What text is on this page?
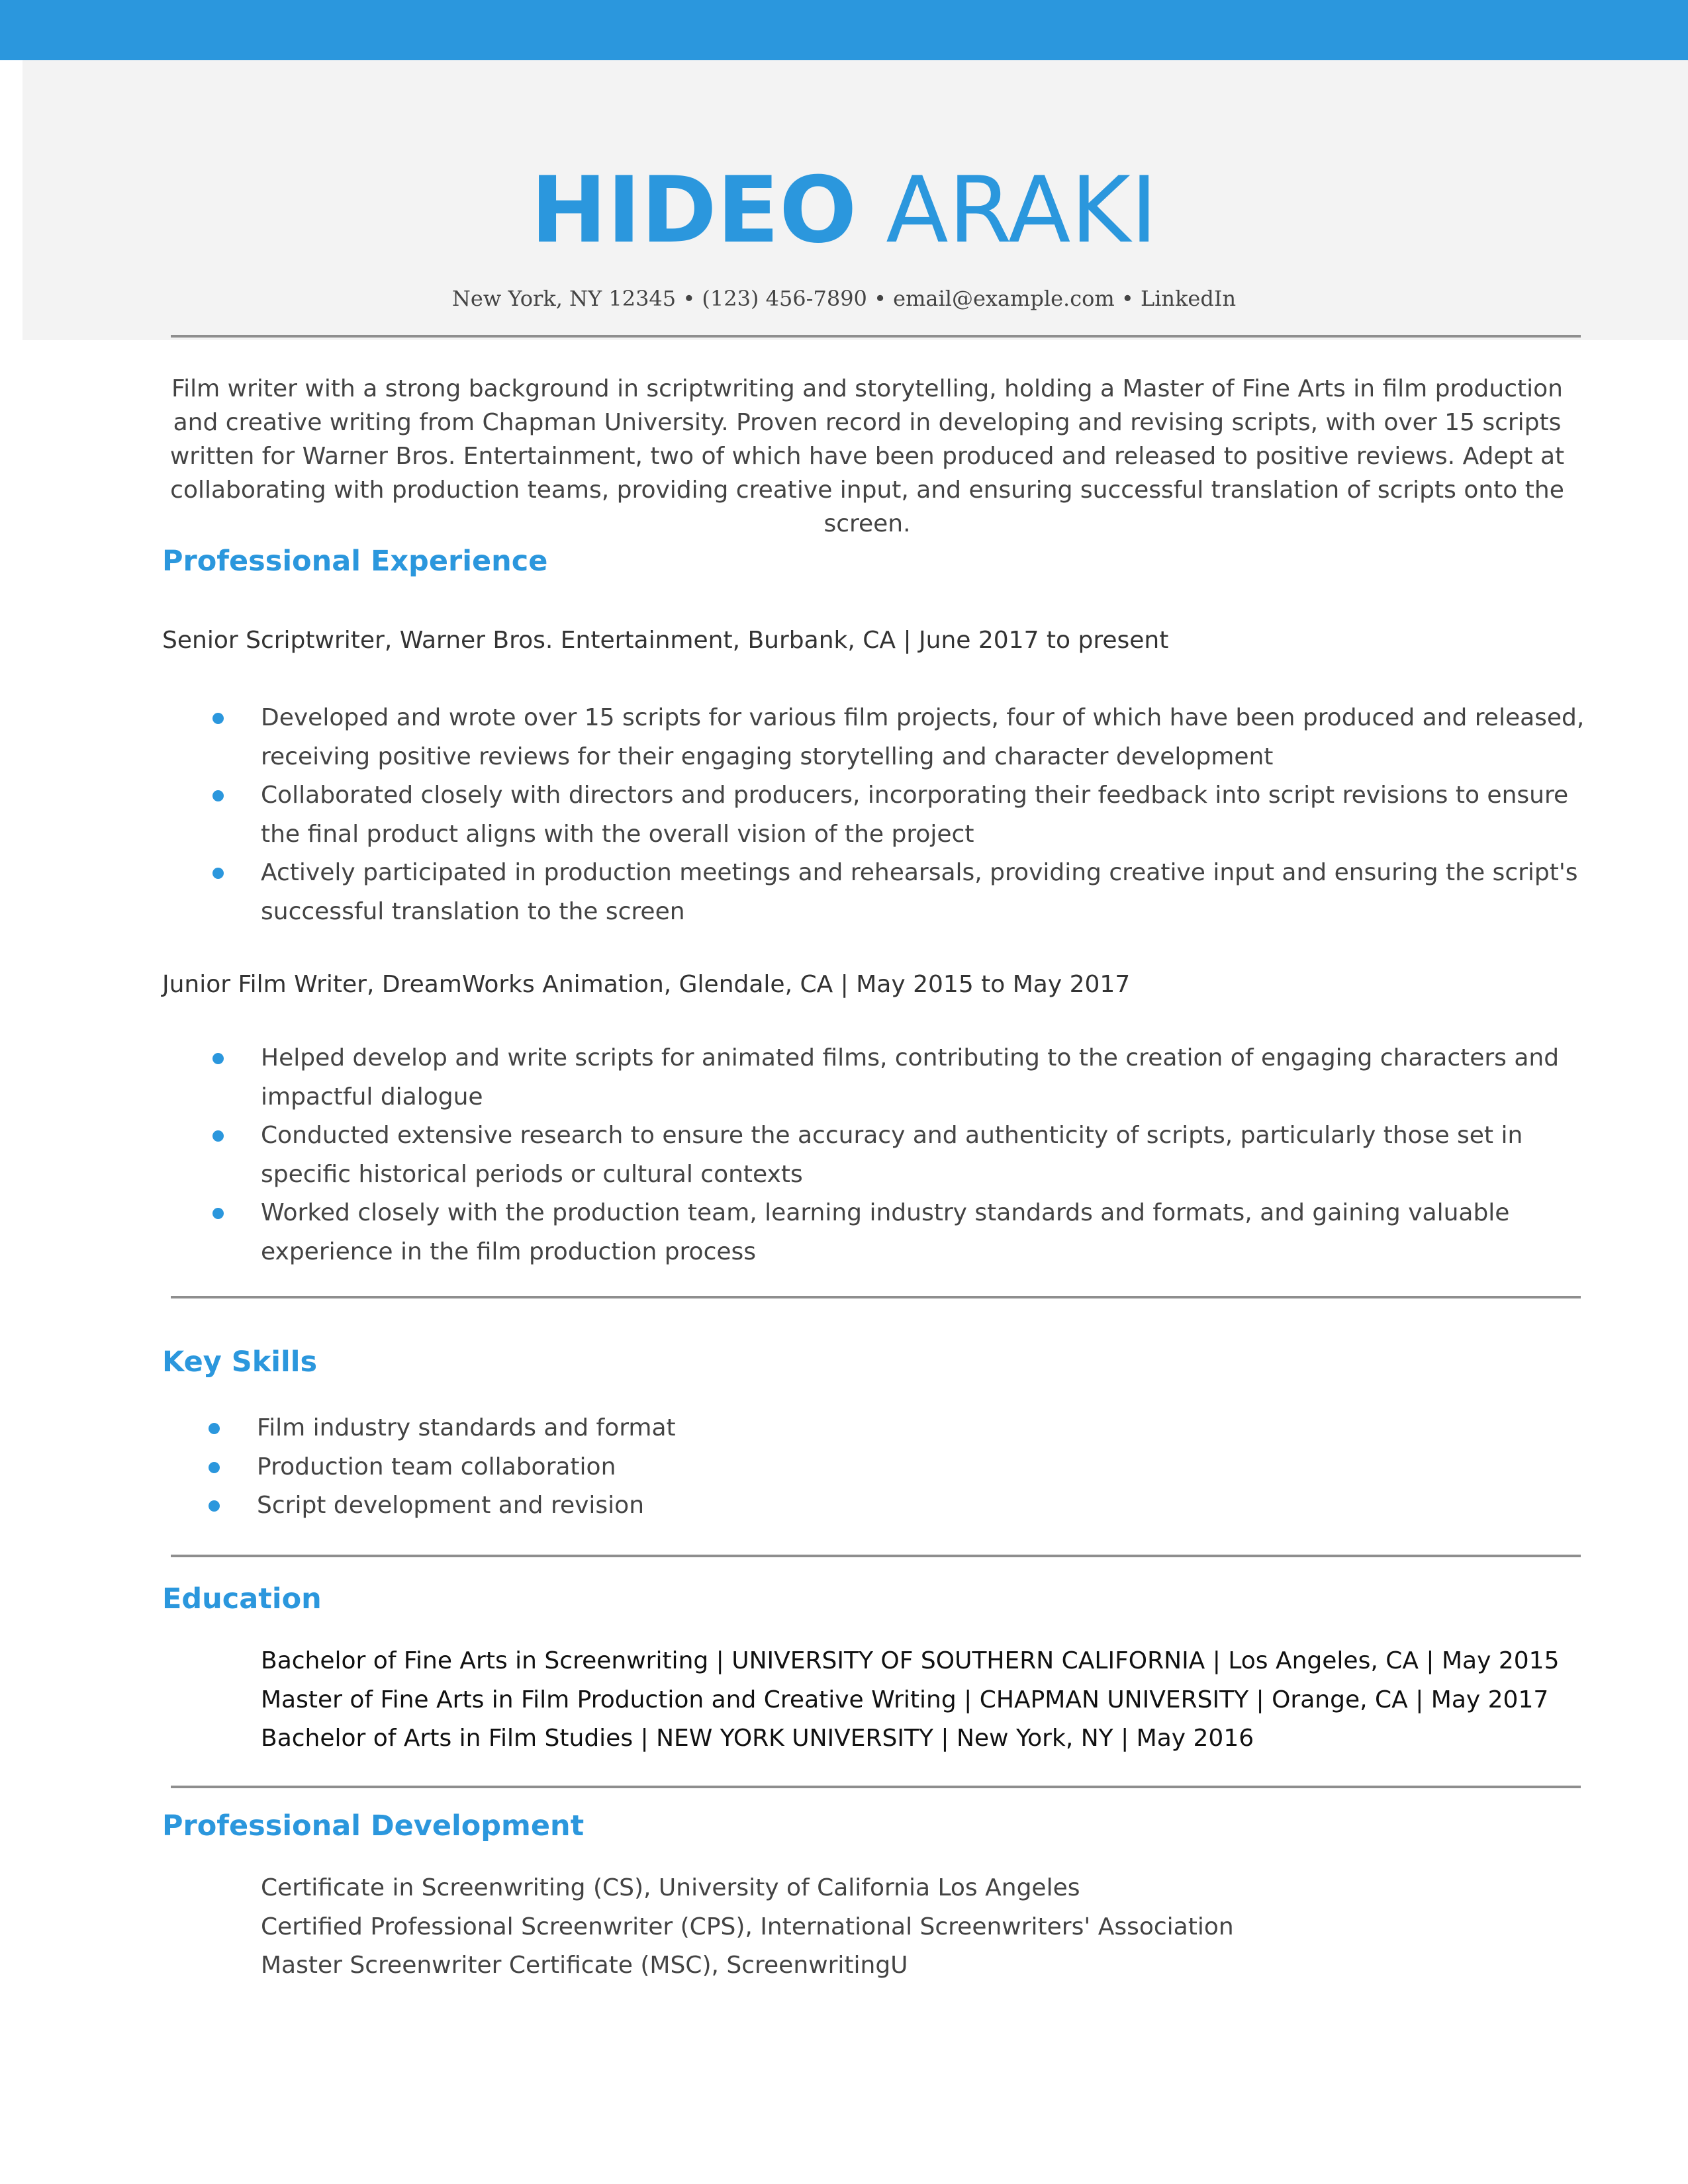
HIDEO ARAKI
New York, NY 12345 • (123) 456-7890 • email@example.com • LinkedIn
Film writer with a strong background in scriptwriting and storytelling, holding a Master of Fine Arts in film production and creative writing from Chapman University. Proven record in developing and revising scripts, with over 15 scripts written for Warner Bros. Entertainment, two of which have been produced and released to positive reviews. Adept at collaborating with production teams, providing creative input, and ensuring successful translation of scripts onto the screen.
Professional Experience
Senior Scriptwriter, Warner Bros. Entertainment, Burbank, CA | June 2017 to present
Developed and wrote over 15 scripts for various film projects, four of which have been produced and released, receiving positive reviews for their engaging storytelling and character development
Collaborated closely with directors and producers, incorporating their feedback into script revisions to ensure the final product aligns with the overall vision of the project
Actively participated in production meetings and rehearsals, providing creative input and ensuring the script's successful translation to the screen
Junior Film Writer, DreamWorks Animation, Glendale, CA | May 2015 to May 2017
Helped develop and write scripts for animated films, contributing to the creation of engaging characters and impactful dialogue
Conducted extensive research to ensure the accuracy and authenticity of scripts, particularly those set in specific historical periods or cultural contexts
Worked closely with the production team, learning industry standards and formats, and gaining valuable experience in the film production process
Key Skills
Film industry standards and format
Production team collaboration
Script development and revision
Education
Bachelor of Fine Arts in Screenwriting | UNIVERSITY OF SOUTHERN CALIFORNIA | Los Angeles, CA | May 2015
Master of Fine Arts in Film Production and Creative Writing | CHAPMAN UNIVERSITY | Orange, CA | May 2017
Bachelor of Arts in Film Studies | NEW YORK UNIVERSITY | New York, NY | May 2016
Professional Development
Certificate in Screenwriting (CS), University of California Los Angeles
Certified Professional Screenwriter (CPS), International Screenwriters' Association
Master Screenwriter Certificate (MSC), ScreenwritingU
